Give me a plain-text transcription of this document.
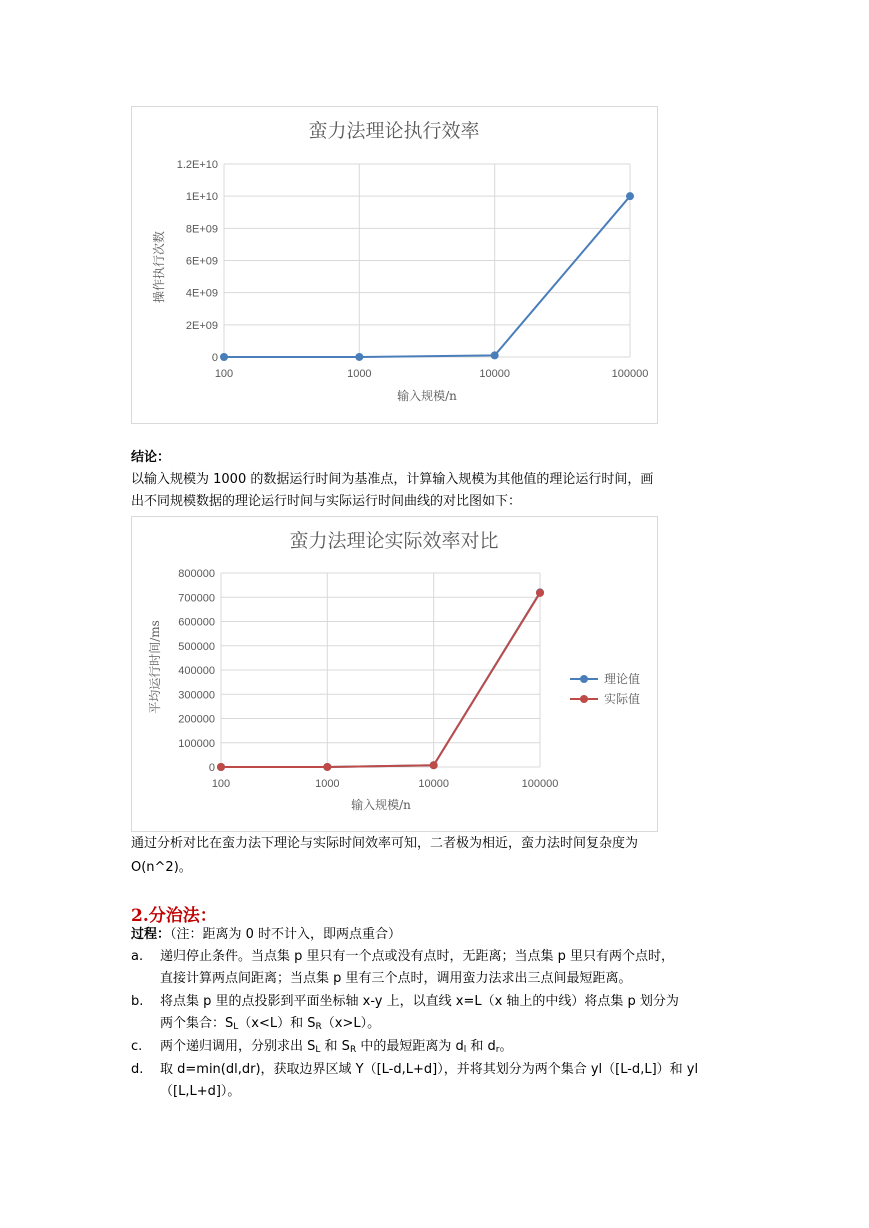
蛮力法理论执行效率
操作执行次数
输入规模/n
0
2E+09
4E+09
6E+09
8E+09
1E+10
1.2E+10
100	1000	10000	100000

结论：

以输入规模为 1000 的数据运行时间为基准点，计算输入规模为其他值的理论运行时间，画

出不同规模数据的理论运行时间与实际运行时间曲线的对比图如下：

蛮力法理论实际效率对比
平均运行时间/ms
输入规模/n
0
100000
200000
300000
400000
500000
600000
700000
800000
100	1000	10000	100000
理论值
实际值

通过分析对比在蛮力法下理论与实际时间效率可知，二者极为相近，蛮力法时间复杂度为

O(n^2)。

2.分治法：

过程：（注：距离为 0 时不计入，即两点重合）

a. 递归停止条件。当点集 p 里只有一个点或没有点时，无距离；当点集 p 里只有两个点时，
直接计算两点间距离；当点集 p 里有三个点时，调用蛮力法求出三点间最短距离。
b. 将点集 p 里的点投影到平面坐标轴 x-y 上，以直线 x=L（x 轴上的中线）将点集 p 划分为
两个集合：$S_L(x<L)$和 $S_R(x>L)$。
c. 两个递归调用，分别求出 $S_L$ 和 $S_R$ 中的最短距离为 $d_l$ 和 $d_r$。
d. 取 d=min(dl,dr)，获取边界区域 Y（[L-d,L+d]），并将其划分为两个集合 yl（[L-d,L]）和 yl
（[L,L+d]）。
